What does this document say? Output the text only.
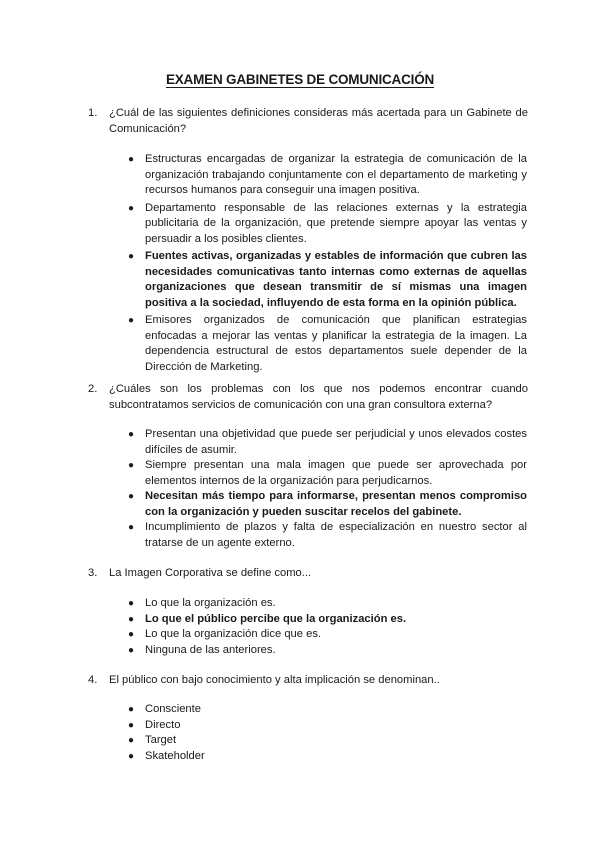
EXAMEN GABINETES DE COMUNICACIÓN
1. ¿Cuál de las siguientes definiciones consideras más acertada para un Gabinete de Comunicación?
● Estructuras encargadas de organizar la estrategia de comunicación de la organización trabajando conjuntamente con el departamento de marketing y recursos humanos para conseguir una imagen positiva.
● Departamento responsable de las relaciones externas y la estrategia publicitaria de la organización, que pretende siempre apoyar las ventas y persuadir a los posibles clientes.
● Fuentes activas, organizadas y estables de información que cubren las necesidades comunicativas tanto internas como externas de aquellas organizaciones que desean transmitir de sí mismas una imagen positiva a la sociedad, influyendo de esta forma en la opinión pública.
● Emisores organizados de comunicación que planifican estrategias enfocadas a mejorar las ventas y planificar la estrategia de la imagen. La dependencia estructural de estos departamentos suele depender de la Dirección de Marketing.
2. ¿Cuáles son los problemas con los que nos podemos encontrar cuando subcontratamos servicios de comunicación con una gran consultora externa?
● Presentan una objetividad que puede ser perjudicial y unos elevados costes difíciles de asumir.
● Siempre presentan una mala imagen que puede ser aprovechada por elementos internos de la organización para perjudicarnos.
● Necesitan más tiempo para informarse, presentan menos compromiso con la organización y pueden suscitar recelos del gabinete.
● Incumplimiento de plazos y falta de especialización en nuestro sector al tratarse de un agente externo.
3. La Imagen Corporativa se define como...
● Lo que la organización es.
● Lo que el público percibe que la organización es.
● Lo que la organización dice que es.
● Ninguna de las anteriores.
4. El público con bajo conocimiento y alta implicación se denominan..
● Consciente
● Directo
● Target
● Skateholder
